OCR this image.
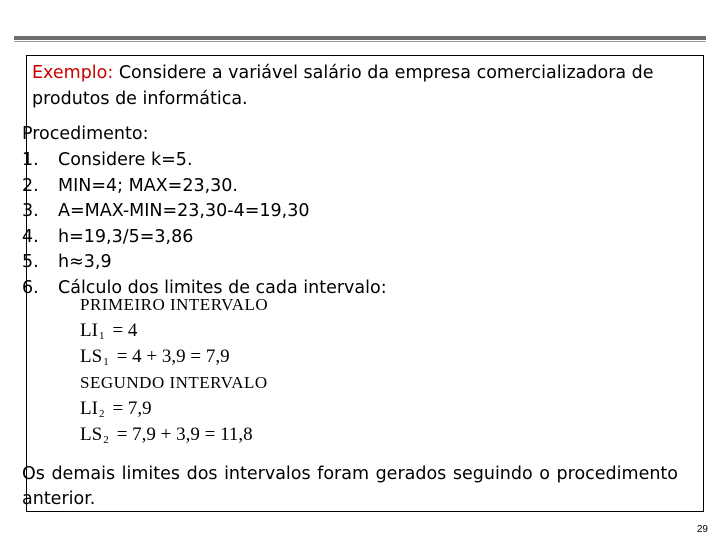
Exemplo: Considere a variável salário da empresa comercializadora de produtos de informática.
Procedimento:
1. Considere k=5.
2. MIN=4; MAX=23,30.
3. A=MAX-MIN=23,30-4=19,30
4. h=19,3/5=3,86
5. h≈3,9
6. Cálculo dos limites de cada intervalo:
PRIMEIRO INTERVALO
$LI_1 = 4$
$LS_1 = 4 + 3,9 = 7,9$
SEGUNDO INTERVALO
$LI_2 = 7,9$
$LS_2 = 7,9 + 3,9 = 11,8$
Os demais limites dos intervalos foram gerados seguindo o procedimento anterior.
29
